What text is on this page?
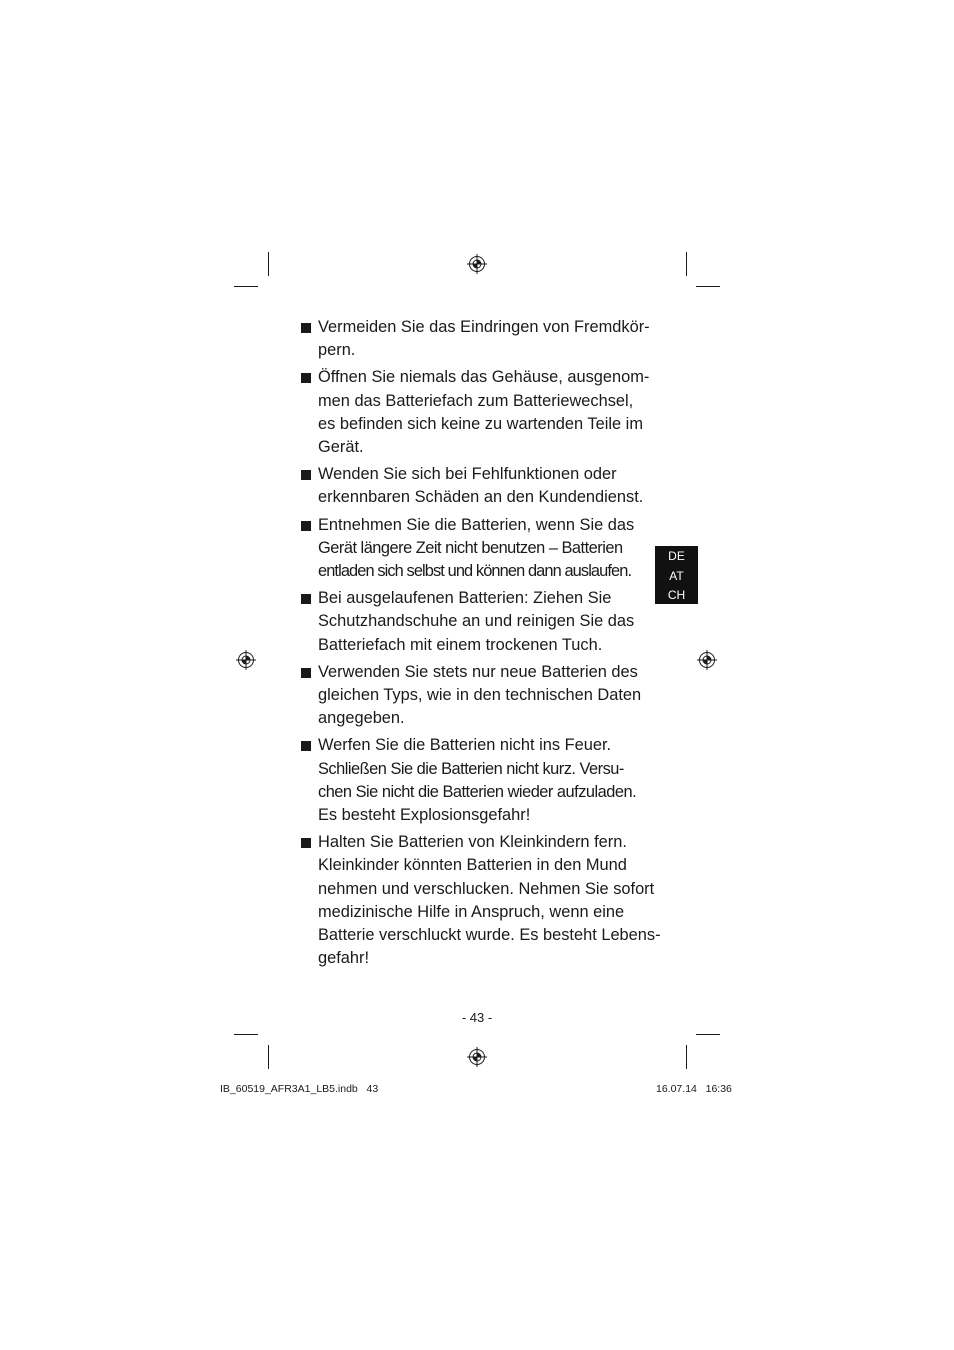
Vermeiden Sie das Eindringen von Fremdkör-
pern.
Öffnen Sie niemals das Gehäuse, ausgenom-
men das Batteriefach zum Batteriewechsel,
es befinden sich keine zu wartenden Teile im
Gerät.
Wenden Sie sich bei Fehlfunktionen oder
erkennbaren Schäden an den Kundendienst.
Entnehmen Sie die Batterien, wenn Sie das
Gerät längere Zeit nicht benutzen – Batterien
entladen sich selbst und können dann auslaufen.
Bei ausgelaufenen Batterien: Ziehen Sie
Schutzhandschuhe an und reinigen Sie das
Batteriefach mit einem trockenen Tuch.
Verwenden Sie stets nur neue Batterien des
gleichen Typs, wie in den technischen Daten
angegeben.
Werfen Sie die Batterien nicht ins Feuer.
Schließen Sie die Batterien nicht kurz. Versu-
chen Sie nicht die Batterien wieder aufzuladen.
Es besteht Explosionsgefahr!
Halten Sie Batterien von Kleinkindern fern.
Kleinkinder könnten Batterien in den Mund
nehmen und verschlucken. Nehmen Sie sofort
medizinische Hilfe in Anspruch, wenn eine
Batterie verschluckt wurde. Es besteht Lebens-
gefahr!
DE
AT
CH
- 43 -
IB_60519_AFR3A1_LB5.indb   43	16.07.14   16:36
